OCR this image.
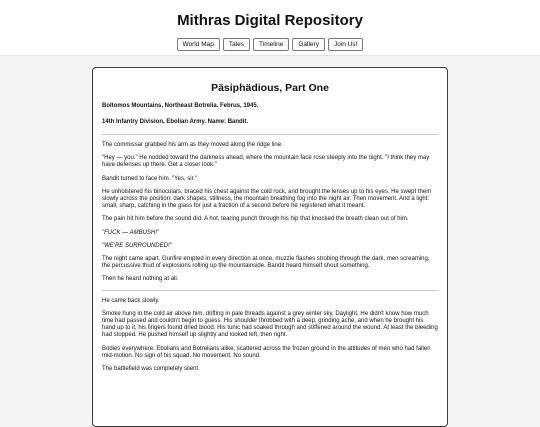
Mithras Digital Repository
World Map	Tales	Timeline	Gallery	Join Us!
Päsiphädious, Part One

Boltomos Mountains, Northeast Botrelia. Februs, 1945.

14th Infantry Division, Ebolian Army. Name: Bandit.

The commissar grabbed his arm as they moved along the ridge line.

"Hey — you." He nodded toward the darkness ahead, where the mountain face rose steeply into the night. "I think they may have defenses up there. Get a closer look."

Bandit turned to face him. "Yes, sir."

He unholstered his binoculars, braced his chest against the cold rock, and brought the lenses up to his eyes. He swept them slowly across the position: dark shapes, stillness, the mountain breathing fog into the night air. Then movement. And a light: small, sharp, catching in the glass for just a fraction of a second before he registered what it meant.

The pain hit him before the sound did. A hot, tearing punch through his hip that knocked the breath clean out of him.

"FUCK — AMBUSH!"

"WE'RE SURROUNDED!"

The night came apart. Gunfire erupted in every direction at once, muzzle flashes strobing through the dark, men screaming, the percussive thud of explosions rolling up the mountainside. Bandit heard himself shout something.

Then he heard nothing at all.

He came back slowly.

Smoke hung in the cold air above him, drifting in pale threads against a grey winter sky. Daylight. He didn't know how much time had passed and couldn't begin to guess. His shoulder throbbed with a deep, grinding ache, and when he brought his hand up to it, his fingers found dried blood. His tunic had soaked through and stiffened around the wound. At least the bleeding had stopped. He pushed himself up slightly and looked left, then right.

Bodies everywhere. Ebolians and Botrelians alike, scattered across the frozen ground in the attitudes of men who had fallen mid-motion. No sign of his squad. No movement. No sound.

The battlefield was completely silent.
